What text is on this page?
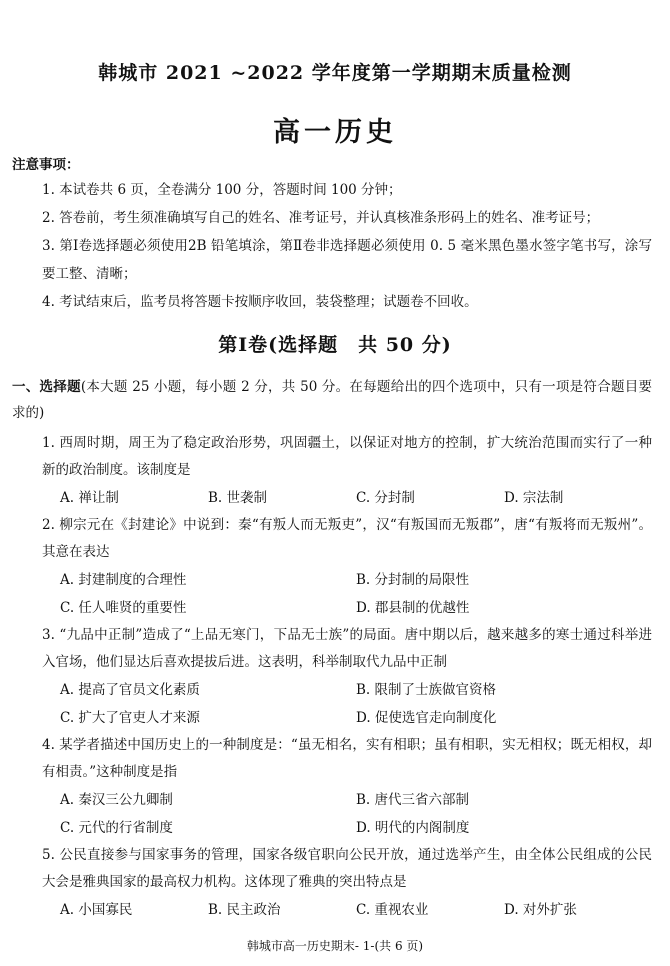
韩城市 2021 ~2022 学年度第一学期期末质量检测
高一历史
注意事项：
1. 本试卷共 6 页，全卷满分 100 分，答题时间 100 分钟；
2. 答卷前，考生须准确填写自己的姓名、准考证号，并认真核准条形码上的姓名、准考证号；
3. 第Ⅰ卷选择题必须使用2B 铅笔填涂，第Ⅱ卷非选择题必须使用 0. 5 毫米黑色墨水签字笔书写，涂写要工整、清晰；
4. 考试结束后，监考员将答题卡按顺序收回，装袋整理；试题卷不回收。
第Ⅰ卷(选择题　共 50 分)
一、选择题(本大题 25 小题，每小题 2 分，共 50 分。在每题给出的四个选项中，只有一项是符合题目要求的)
1. 西周时期，周王为了稳定政治形势，巩固疆土，以保证对地方的控制，扩大统治范围而实行了一种新的政治制度。该制度是
A. 禅让制	B. 世袭制	C. 分封制	D. 宗法制
2. 柳宗元在《封建论》中说到：秦“有叛人而无叛吏”，汉“有叛国而无叛郡”，唐“有叛将而无叛州”。其意在表达
A. 封建制度的合理性	B. 分封制的局限性
C. 任人唯贤的重要性	D. 郡县制的优越性
3. “九品中正制”造成了“上品无寒门，下品无士族”的局面。唐中期以后，越来越多的寒士通过科举进入官场，他们显达后喜欢提拔后进。这表明，科举制取代九品中正制
A. 提高了官员文化素质	B. 限制了士族做官资格
C. 扩大了官吏人才来源	D. 促使选官走向制度化
4. 某学者描述中国历史上的一种制度是：“虽无相名，实有相职；虽有相职，实无相权；既无相权，却有相责。”这种制度是指
A. 秦汉三公九卿制	B. 唐代三省六部制
C. 元代的行省制度	D. 明代的内阁制度
5. 公民直接参与国家事务的管理，国家各级官职向公民开放，通过选举产生，由全体公民组成的公民大会是雅典国家的最高权力机构。这体现了雅典的突出特点是
A. 小国寡民	B. 民主政治	C. 重视农业	D. 对外扩张
韩城市高一历史期末- 1-(共 6 页)
